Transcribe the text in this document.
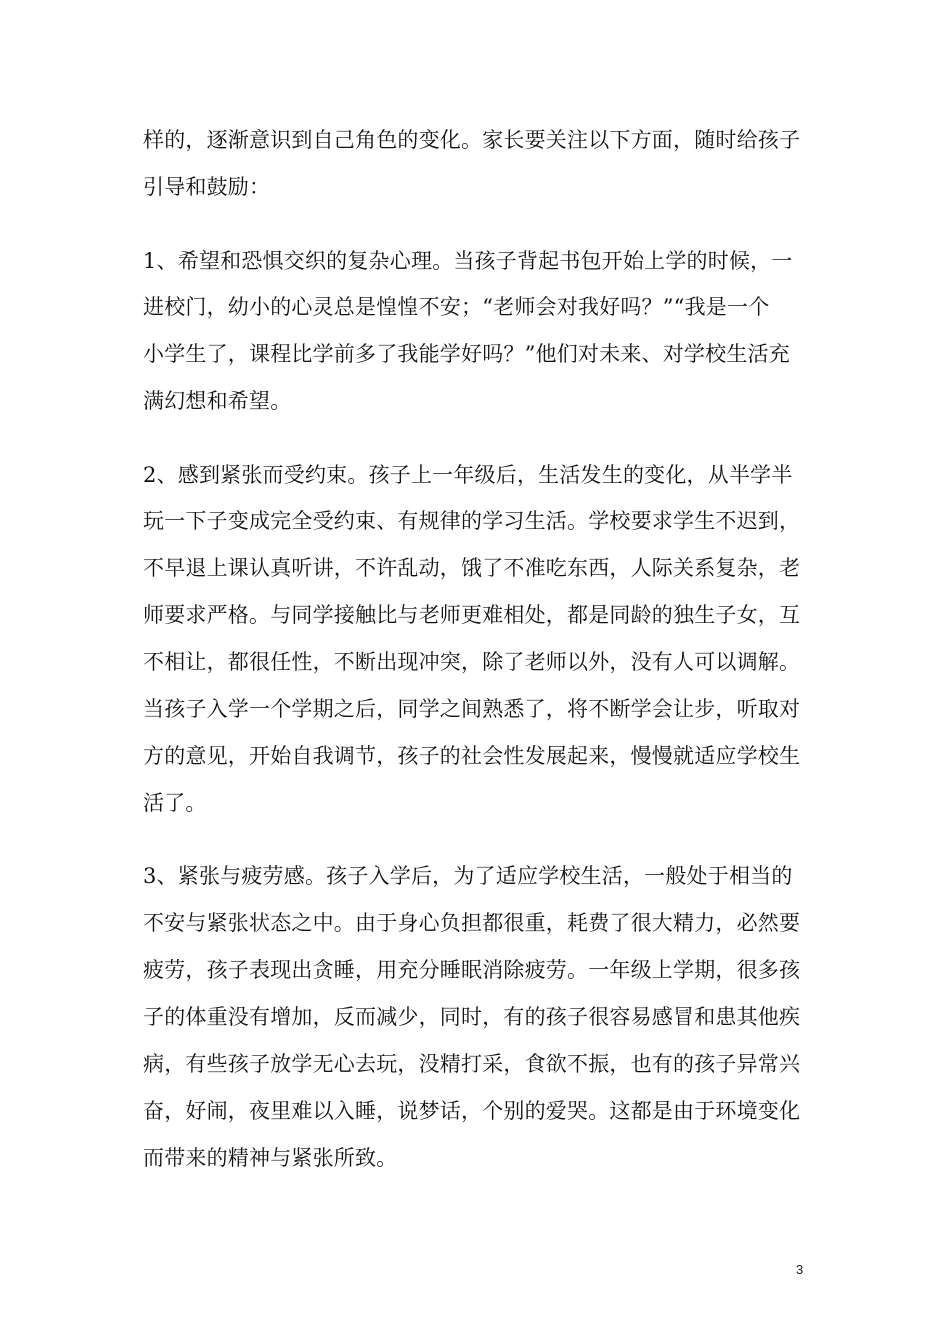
样的，逐渐意识到自己角色的变化。家长要关注以下方面，随时给孩子
引导和鼓励：
1、希望和恐惧交织的复杂心理。当孩子背起书包开始上学的时候，一
进校门，幼小的心灵总是惶惶不安；“老师会对我好吗？”“我是一个
小学生了，课程比学前多了我能学好吗？”他们对未来、对学校生活充
满幻想和希望。
2、感到紧张而受约束。孩子上一年级后，生活发生的变化，从半学半
玩一下子变成完全受约束、有规律的学习生活。学校要求学生不迟到，
不早退上课认真听讲，不许乱动，饿了不准吃东西，人际关系复杂，老
师要求严格。与同学接触比与老师更难相处，都是同龄的独生子女，互
不相让，都很任性，不断出现冲突，除了老师以外，没有人可以调解。
当孩子入学一个学期之后，同学之间熟悉了，将不断学会让步，听取对
方的意见，开始自我调节，孩子的社会性发展起来，慢慢就适应学校生
活了。
3、紧张与疲劳感。孩子入学后，为了适应学校生活，一般处于相当的
不安与紧张状态之中。由于身心负担都很重，耗费了很大精力，必然要
疲劳，孩子表现出贪睡，用充分睡眠消除疲劳。一年级上学期，很多孩
子的体重没有增加，反而减少，同时，有的孩子很容易感冒和患其他疾
病，有些孩子放学无心去玩，没精打采，食欲不振，也有的孩子异常兴
奋，好闹，夜里难以入睡，说梦话，个别的爱哭。这都是由于环境变化
而带来的精神与紧张所致。
3
